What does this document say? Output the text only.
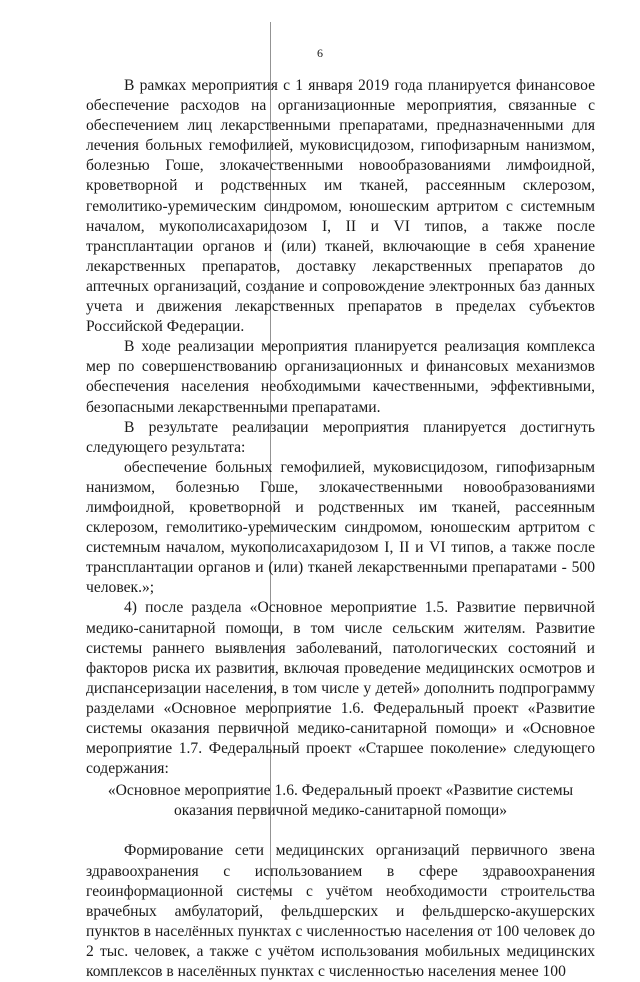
6

В рамках мероприятия с 1 января 2019 года планируется финансовое обеспечение расходов на организационные мероприятия, связанные с обеспечением лиц лекарственными препаратами, предназначенными для лечения больных гемофилией, муковисцидозом, гипофизарным нанизмом, болезнью Гоше, злокачественными новообразованиями лимфоидной, кроветворной и родственных им тканей, рассеянным склерозом, гемолитико-уремическим синдромом, юношеским артритом с системным началом, мукополисахаридозом I, II и VI типов, а также после трансплантации органов и (или) тканей, включающие в себя хранение лекарственных препаратов, доставку лекарственных препаратов до аптечных организаций, создание и сопровождение электронных баз данных учета и движения лекарственных препаратов в пределах субъектов Российской Федерации.

В ходе реализации мероприятия планируется реализация комплекса мер по совершенствованию организационных и финансовых механизмов обеспечения населения необходимыми качественными, эффективными, безопасными лекарственными препаратами.

В результате реализации мероприятия планируется достигнуть следующего результата:

обеспечение больных гемофилией, муковисцидозом, гипофизарным нанизмом, болезнью Гоше, злокачественными новообразованиями лимфоидной, кроветворной и родственных им тканей, рассеянным склерозом, гемолитико-уремическим синдромом, юношеским артритом с системным началом, мукополисахаридозом I, II и VI типов, а также после трансплантации органов и (или) тканей лекарственными препаратами - 500 человек.»;

4) после раздела «Основное мероприятие 1.5. Развитие первичной медико-санитарной помощи, в том числе сельским жителям. Развитие системы раннего выявления заболеваний, патологических состояний и факторов риска их развития, включая проведение медицинских осмотров и диспансеризации населения, в том числе у детей» дополнить подпрограмму разделами «Основное мероприятие 1.6. Федеральный проект «Развитие системы оказания первичной медико-санитарной помощи» и «Основное мероприятие 1.7. Федеральный проект «Старшее поколение» следующего содержания:

«Основное мероприятие 1.6. Федеральный проект «Развитие системы оказания первичной медико-санитарной помощи»

Формирование сети медицинских организаций первичного звена здравоохранения с использованием в сфере здравоохранения геоинформационной системы с учётом необходимости строительства врачебных амбулаторий, фельдшерских и фельдшерско-акушерских пунктов в населённых пунктах с численностью населения от 100 человек до 2 тыс. человек, а также с учётом использования мобильных медицинских комплексов в населённых пунктах с численностью населения менее 100
